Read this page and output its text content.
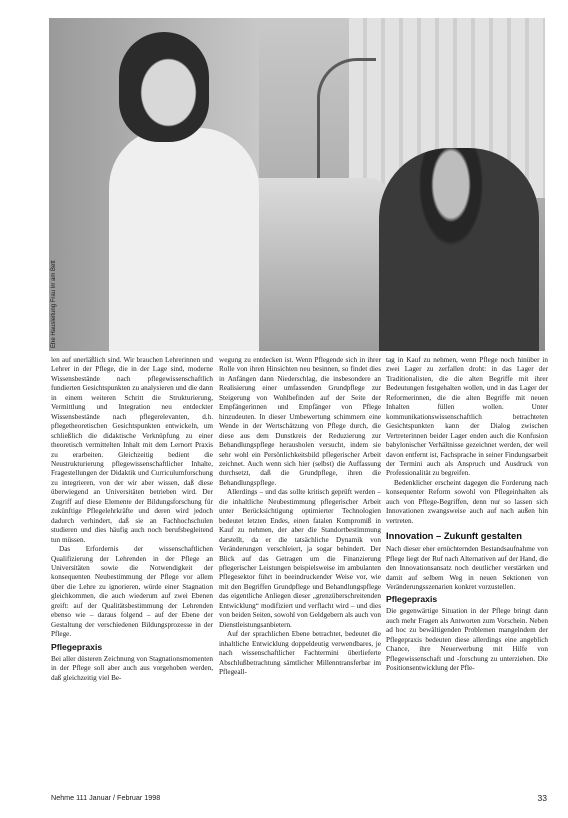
Ehe Hausleitung Frau Irr am Bett

len auf unerläßlich sind. Wir brauchen Lehrerinnen und Lehrer in der Pflege, die in der Lage sind, moderne Wissensbestände nach pflegewissenschaftlich fundierten Gesichtspunkten zu analysieren und die dann in einem weiteren Schritt die Strukturierung, Vermittlung und Integration neu entdeckter Wissensbestände nach pflegerelevanten, d.h. pflegetheoretischen Gesichtspunkten entwickeln, um schließlich die didaktische Verknüpfung zu einer theoretisch vermittelten Inhalt mit dem Lernort Praxis zu erarbeiten. Gleichzeitig bedient die Neustrukturierung pflegewissenschaftlicher Inhalte, Fragestellungen der Didaktik und Curriculumforschung zu integrieren, von der wir aber wissen, daß diese überwiegend an Universitäten betrieben wird. Der Zugriff auf diese Elemente der Bildungsforschung für zukünftige Pflegelehrkräfte und deren wird jedoch dadurch verhindert, daß sie an Fachhochschulen studieren und dies häufig auch noch berufsbegleitend tun müssen.

Das Erfordernis der wissenschaftlichen Qualifizierung der Lehrenden in der Pflege an Universitäten sowie die Notwendigkeit der konsequenten Neubestimmung der Pflege vor allem über die Lehre zu ignorieren, würde einer Stagnation gleichkommen, die auch wiederum auf zwei Ebenen greift: auf der Qualitätsbestimmung der Lehrenden ebenso wie – daraus folgend – auf der Ebene der Gestaltung der verschiedenen Bildungsprozesse in der Pflege.

Pflegepraxis

Bei aller düsteren Zeichnung von Stagnationsmomenten in der Pflege soll aber auch aus vorgehoben werden, daß gleichzeitig viel Be-

wegung zu entdecken ist. Wenn Pflegende sich in ihrer Rolle von ihren Hinsichten neu besinnen, so findet dies in Anfängen dann Niederschlag, die insbesondere an Realisierung einer umfassenden Grundpflege zur Steigerung von Wohlbefinden auf der Seite der Empfängerinnen und Empfänger von Pflege hinzudeuten. In dieser Umbewertung schimmern eine Wende in der Wertschätzung von Pflege durch, die diese aus dem Dunstkreis der Reduzierung zur Behandlungspflege herausholen versucht, indem sie sehr wohl ein Persönlichkeitsbild pflegerischer Arbeit zeichnet. Auch wenn sich hier (selbst) die Auffassung durchsetzt, daß die Grundpflege, ihren die Behandlungspflege.

Allerdings – und das sollte kritisch geprüft werden – die inhaltliche Neubestimmung pflegerischer Arbeit unter Berücksichtigung optimierter Technologien bedeutet letzten Endes, einen fatalen Kompromiß in Kauf zu nehmen, der aber die Standortbestimmung darstellt, da er die tatsächliche Dynamik von Veränderungen verschleiert, ja sogar behindert. Der Blick auf das Getragen um die Finanzierung pflegerischer Leistungen beispielsweise im ambulanten Pflegesektor führt in beeindruckender Weise vor, wie mit den Begriffen Grundpflege und Behandlungspflege das eigentliche Anliegen dieser „grenzüberschreitenden Entwicklung“ modifiziert und verflacht wird – und dies von beiden Seiten, sowohl von Geldgebern als auch von Dienstleistungsanbietern.

Auf der sprachlichen Ebene betrachtet, bedeutet die inhaltliche Entwicklung doppeldeutig verwendbares, je nach wissenschaftlicher Fachtermini überlieferte Abschlußbetrachtung sämtlicher Millenntransferbar im Pflegeall-

tag in Kauf zu nehmen, wenn Pflege noch hinüber in zwei Lager zu zerfallen droht: in das Lager der Traditionalisten, die die alten Begriffe mit ihrer Bedeutungen festgehalten wollen, und in das Lager der Reformerinnen, die die alten Begriffe mit neuen Inhalten füllen wollen. Unter kommunikationswissenschaftlich betrachteten Gesichtspunkten kann der Dialog zwischen Vertreterinnen beider Lager enden auch die Konfusion babylonischer Verhältnisse gezeichnet werden, der weil davon entfernt ist, Fachsprache in seiner Findungsarbeit der Termini auch als Anspruch und Ausdruck von Professionalität zu begreifen.

Bedenklicher erscheint dagegen die Forderung nach konsequenter Reform sowohl von Pflegeinhalten als auch von Pflege-Begriffen, denn nur so lassen sich Innovationen zwangsweise auch auf nach außen hin vertreten.

Innovation – Zukunft gestalten

Nach dieser eher ernüchternden Bestandsaufnahme von Pflege liegt der Ruf nach Alternativen auf der Hand, die den Innovationsansatz noch deutlicher verstärken und damit auf selbem Weg in neuen Sektionen von Veränderungsszenarien konkret vorzustellen.

Pflegepraxis

Die gegenwärtige Situation in der Pflege bringt dann auch mehr Fragen als Antworten zum Vorschein. Neben ad hoc zu bewältigenden Problemen mangelndem der Pflegepraxis bedeuten diese allerdings eine angeblich Chance, ihre Neuerwerbung mit Hilfe von Pflegewissenschaft und -forschung zu unterziehen. Die Positionsentwicklung der Pfle-

Nehme 111 Januar / Februar 1998	33
